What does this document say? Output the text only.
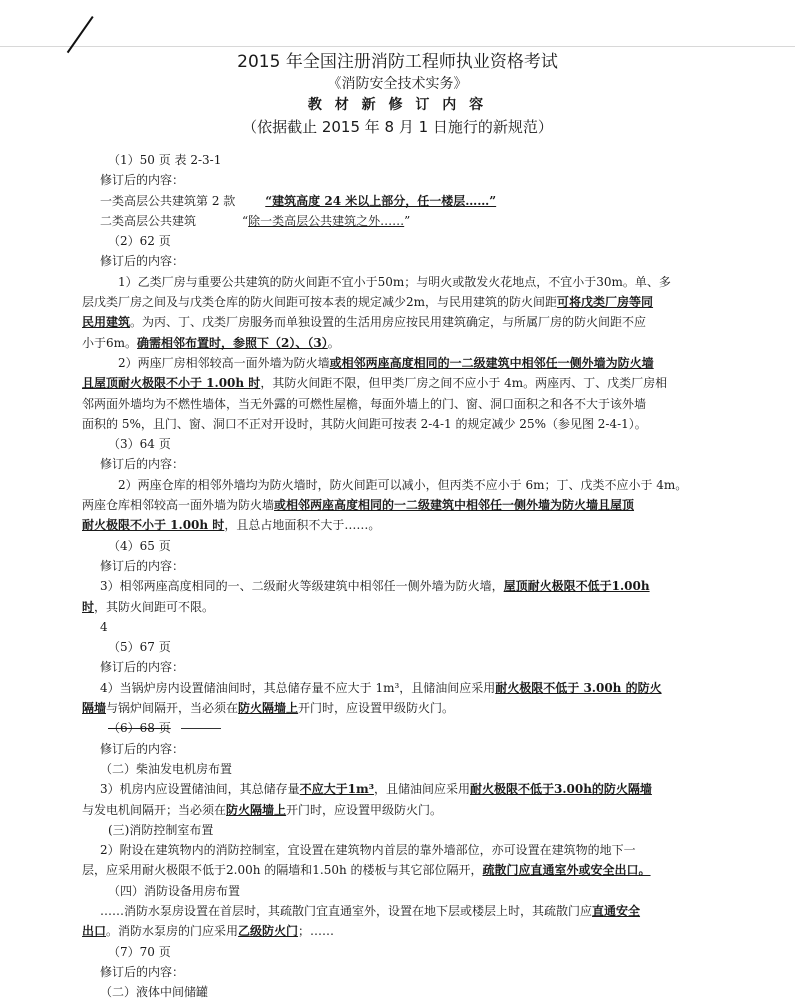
2015 年全国注册消防工程师执业资格考试
《消防安全技术实务》
教 材 新 修 订 内 容
（依据截止 2015 年 8 月 1 日施行的新规范）
（1）50 页 表 2-3-1
修订后的内容：
一类高层公共建筑第 2 款	“建筑高度 24 米以上部分，任一楼层……”
二类高层公共建筑	“除一类高层公共建筑之外……”
（2）62 页
修订后的内容：
1）乙类厂房与重要公共建筑的防火间距不宜小于50m；与明火或散发火花地点，不宜小于30m。单、多
层戊类厂房之间及与戊类仓库的防火间距可按本表的规定减少2m，与民用建筑的防火间距可将戊类厂房等同
民用建筑。为丙、丁、戊类厂房服务而单独设置的生活用房应按民用建筑确定，与所属厂房的防火间距不应
小于6m。确需相邻布置时，参照下（2）、（3）。
2）两座厂房相邻较高一面外墙为防火墙或相邻两座高度相同的一二级建筑中相邻任一侧外墙为防火墙
且屋顶耐火极限不小于 1.00h 时，其防火间距不限，但甲类厂房之间不应小于 4m。两座丙、丁、戊类厂房相
邻两面外墙均为不燃性墙体，当无外露的可燃性屋檐，每面外墙上的门、窗、洞口面积之和各不大于该外墙
面积的 5%，且门、窗、洞口不正对开设时，其防火间距可按表 2-4-1 的规定减少 25%（参见图 2-4-1）。
（3）64 页
修订后的内容：
2）两座仓库的相邻外墙均为防火墙时，防火间距可以减小，但丙类不应小于 6m；丁、戊类不应小于 4m。
两座仓库相邻较高一面外墙为防火墙或相邻两座高度相同的一二级建筑中相邻任一侧外墙为防火墙且屋顶
耐火极限不小于 1.00h 时，且总占地面积不大于……。
（4）65 页
修订后的内容：
3）相邻两座高度相同的一、二级耐火等级建筑中相邻任一侧外墙为防火墙，屋顶耐火极限不低于1.00h
时，其防火间距可不限。
4
（5）67 页
修订后的内容：
4）当锅炉房内设置储油间时，其总储存量不应大于 1m³，且储油间应采用耐火极限不低于 3.00h 的防火
隔墙与锅炉间隔开，当必须在防火隔墙上开门时，应设置甲级防火门。
（6）68 页
修订后的内容：
（二）柴油发电机房布置
3）机房内应设置储油间，其总储存量不应大于1m³，且储油间应采用耐火极限不低于3.00h的防火隔墙
与发电机间隔开；当必须在防火隔墙上开门时，应设置甲级防火门。
(三)消防控制室布置
2）附设在建筑物内的消防控制室，宜设置在建筑物内首层的靠外墙部位，亦可设置在建筑物的地下一
层，应采用耐火极限不低于2.00h 的隔墙和1.50h 的楼板与其它部位隔开，疏散门应直通室外或安全出口。
（四）消防设备用房布置
……消防水泵房设置在首层时，其疏散门宜直通室外，设置在地下层或楼层上时，其疏散门应直通安全
出口。消防水泵房的门应采用乙级防火门；……
（7）70 页
修订后的内容：
（二）液体中间储罐
